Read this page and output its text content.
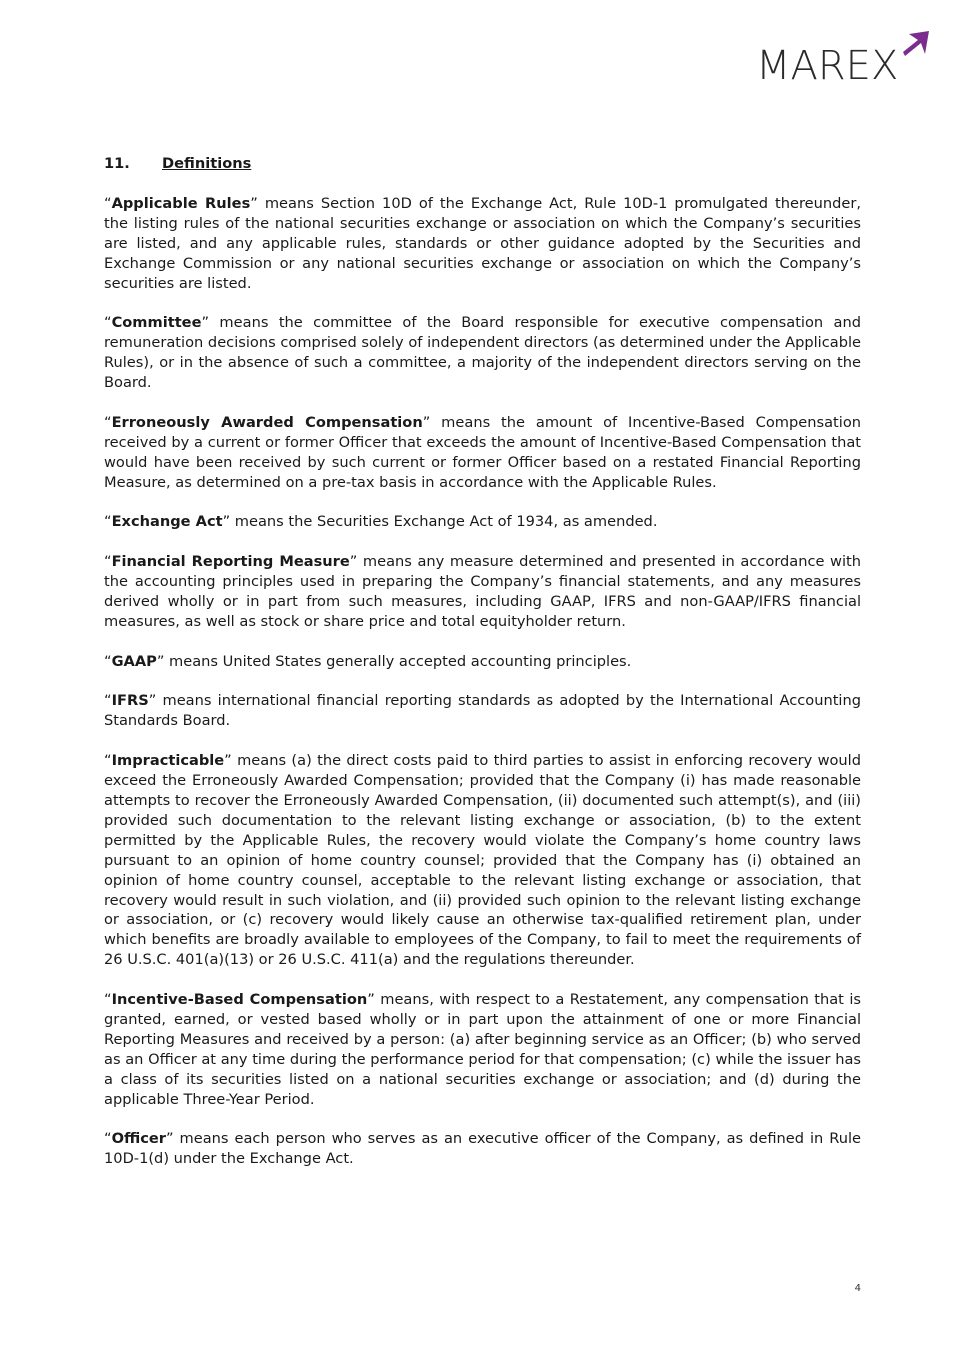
MAREX
11. Definitions

“Applicable Rules” means Section 10D of the Exchange Act, Rule 10D-1 promulgated thereunder, the listing rules of the national securities exchange or association on which the Company’s securities are listed, and any applicable rules, standards or other guidance adopted by the Securities and Exchange Commission or any national securities exchange or association on which the Company’s securities are listed.

“Committee” means the committee of the Board responsible for executive compensation and remuneration decisions comprised solely of independent directors (as determined under the Applicable Rules), or in the absence of such a committee, a majority of the independent directors serving on the Board.

“Erroneously Awarded Compensation” means the amount of Incentive-Based Compensation received by a current or former Officer that exceeds the amount of Incentive-Based Compensation that would have been received by such current or former Officer based on a restated Financial Reporting Measure, as determined on a pre-tax basis in accordance with the Applicable Rules.

“Exchange Act” means the Securities Exchange Act of 1934, as amended.

“Financial Reporting Measure” means any measure determined and presented in accordance with the accounting principles used in preparing the Company’s financial statements, and any measures derived wholly or in part from such measures, including GAAP, IFRS and non-GAAP/IFRS financial measures, as well as stock or share price and total equityholder return.

“GAAP” means United States generally accepted accounting principles.

“IFRS” means international financial reporting standards as adopted by the International Accounting Standards Board.

“Impracticable” means (a) the direct costs paid to third parties to assist in enforcing recovery would exceed the Erroneously Awarded Compensation; provided that the Company (i) has made reasonable attempts to recover the Erroneously Awarded Compensation, (ii) documented such attempt(s), and (iii) provided such documentation to the relevant listing exchange or association, (b) to the extent permitted by the Applicable Rules, the recovery would violate the Company’s home country laws pursuant to an opinion of home country counsel; provided that the Company has (i) obtained an opinion of home country counsel, acceptable to the relevant listing exchange or association, that recovery would result in such violation, and (ii) provided such opinion to the relevant listing exchange or association, or (c) recovery would likely cause an otherwise tax-qualified retirement plan, under which benefits are broadly available to employees of the Company, to fail to meet the requirements of 26 U.S.C. 401(a)(13) or 26 U.S.C. 411(a) and the regulations thereunder.

“Incentive-Based Compensation” means, with respect to a Restatement, any compensation that is granted, earned, or vested based wholly or in part upon the attainment of one or more Financial Reporting Measures and received by a person: (a) after beginning service as an Officer; (b) who served as an Officer at any time during the performance period for that compensation; (c) while the issuer has a class of its securities listed on a national securities exchange or association; and (d) during the applicable Three-Year Period.

“Officer” means each person who serves as an executive officer of the Company, as defined in Rule 10D-1(d) under the Exchange Act.

4
